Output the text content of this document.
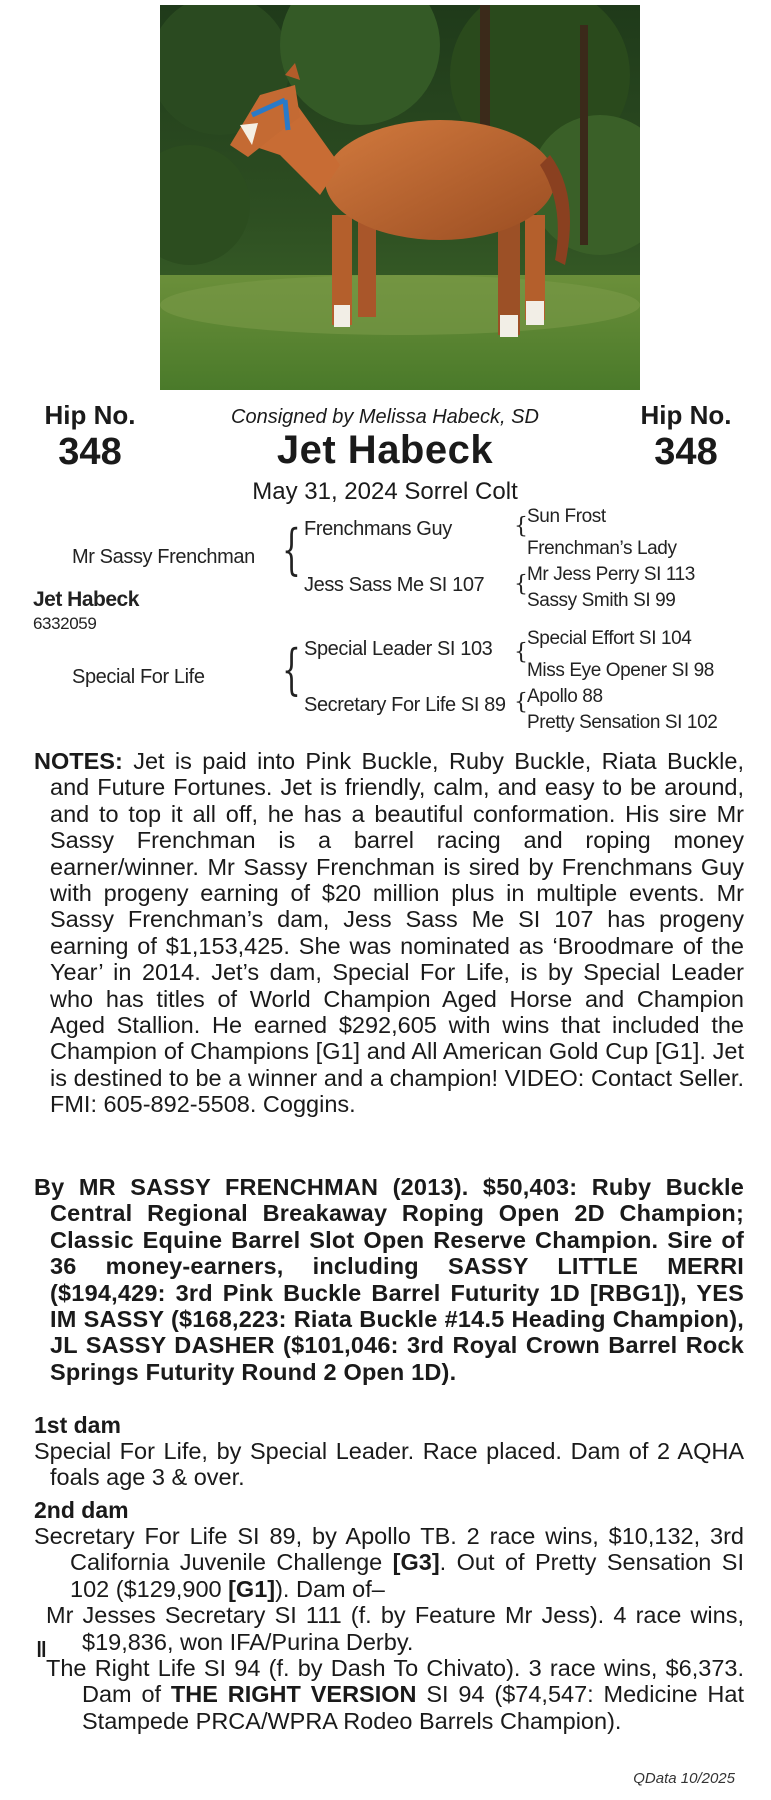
Hip No.
348
Hip No.
348
Consigned by Melissa Habeck, SD
Jet Habeck
May 31, 2024 Sorrel Colt
Mr Sassy Frenchman
Jet Habeck
6332059
Special For Life
{
{
Frenchmans Guy
Jess Sass Me SI 107
Special Leader SI 103
Secretary For Life SI 89
{
{
{
{
Sun Frost
Frenchman’s Lady
Mr Jess Perry SI 113
Sassy Smith SI 99
Special Effort SI 104
Miss Eye Opener SI 98
Apollo 88
Pretty Sensation SI 102

NOTES: Jet is paid into Pink Buckle, Ruby Buckle, Riata Buckle, and Future Fortunes. Jet is friendly, calm, and easy to be around, and to top it all off, he has a beautiful conformation. His sire Mr Sassy Frenchman is a barrel racing and roping money earner/winner. Mr Sassy Frenchman is sired by Frenchmans Guy with progeny earning of $20 million plus in multiple events. Mr Sassy Frenchman’s dam, Jess Sass Me SI 107 has progeny earning of $1,153,425. She was nominated as ‘Broodmare of the Year’ in 2014. Jet’s dam, Special For Life, is by Special Leader who has titles of World Champion Aged Horse and Champion Aged Stallion. He earned $292,605 with wins that included the Champion of Champions [G1] and All American Gold Cup [G1]. Jet is destined to be a winner and a champion! VIDEO: Contact Seller. FMI: 605-892-5508. Coggins.

By MR SASSY FRENCHMAN (2013). $50,403: Ruby Buckle Central Regional Breakaway Roping Open 2D Champion; Classic Equine Barrel Slot Open Reserve Champion. Sire of 36 money-earners, including SASSY LITTLE MERRI ($194,429: 3rd Pink Buckle Barrel Futurity 1D [RBG1]), YES IM SASSY ($168,223: Riata Buckle #14.5 Heading Champion), JL SASSY DASHER ($101,046: 3rd Royal Crown Barrel Rock Springs Futurity Round 2 Open 1D).

1st dam

Special For Life, by Special Leader. Race placed. Dam of 2 AQHA foals age 3 & over.

2nd dam

Secretary For Life SI 89, by Apollo TB. 2 race wins, $10,132, 3rd California Juvenile Challenge [G3]. Out of Pretty Sensation SI 102 ($129,900 [G1]). Dam of–

Mr Jesses Secretary SI 111 (f. by Feature Mr Jess). 4 race wins, $19,836, won IFA/Purina Derby.

The Right Life SI 94 (f. by Dash To Chivato). 3 race wins, $6,373. Dam of THE RIGHT VERSION SI 94 ($74,547: Medicine Hat Stampede PRCA/WPRA Rodeo Barrels Champion).

‖
QData 10/2025
